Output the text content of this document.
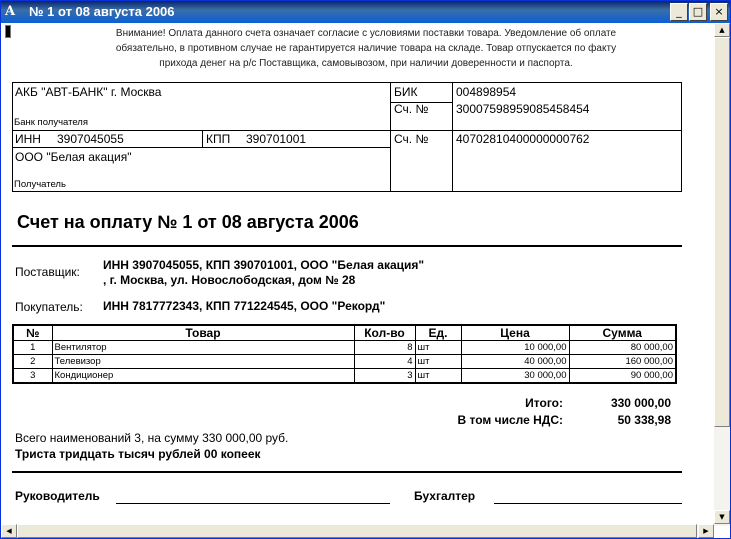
A	№ 1 от 08 августа 2006	_	□	×
Внимание! Оплата данного счета означает согласие с условиями поставки товара. Уведомление об оплате
обязательно, в противном случае не гарантируется наличие товара на складе. Товар отпускается по факту
прихода денег на р/с Поставщика, самовывозом, при наличии доверенности и паспорта.
АКБ "АВТ-БАНК" г. Москва
Банк получателя
БИК	004898954
Сч. № 30007598959085458454
ИНН 3907045055	КПП 390701001	Сч. № 40702810400000000762
ООО "Белая акация"
Получатель
Счет на оплату № 1 от 08 августа 2006
Поставщик: ИНН 3907045055, КПП 390701001, ООО "Белая акация"
, г. Москва, ул. Новослободская, дом № 28
Покупатель: ИНН 7817772343, КПП 771224545, ООО "Рекорд"
№	Товар	Кол-во	Ед.	Цена	Сумма
1	Вентилятор	8	шт	10 000,00	80 000,00
2	Телевизор	4	шт	40 000,00	160 000,00
3	Кондиционер	3	шт	30 000,00	90 000,00
Итого:	330 000,00
В том числе НДС:	50 338,98
Всего наименований 3, на сумму 330 000,00 руб.
Триста тридцать тысяч рублей 00 копеек
Руководитель	Бухгалтер
▲
▼
◀	▶
